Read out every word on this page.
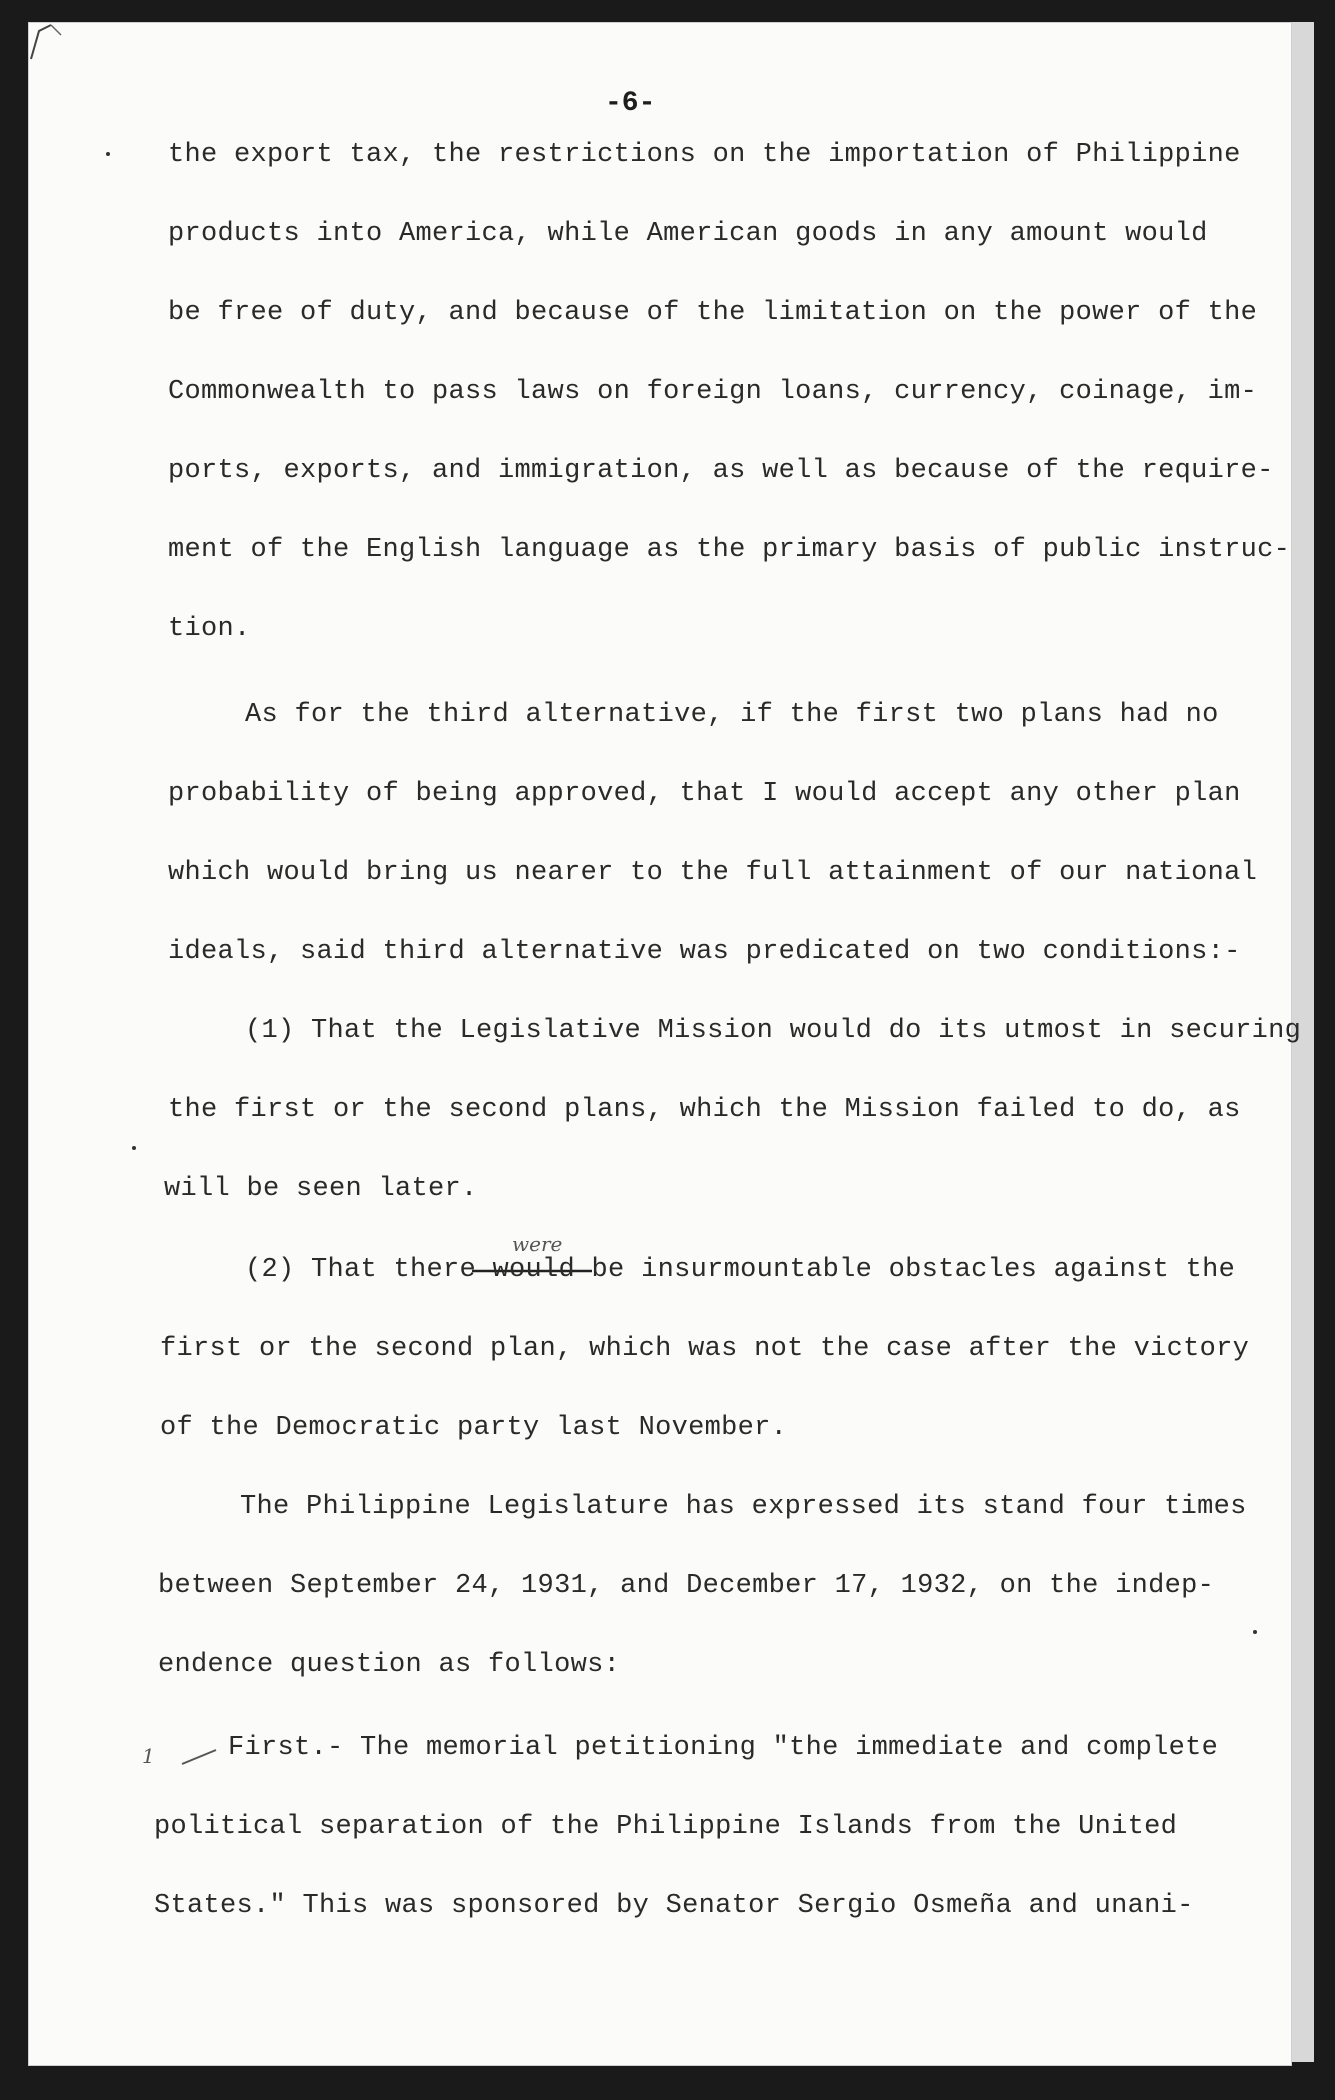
-6-
the export tax, the restrictions on the importation of Philippine
products into America, while American goods in any amount would
be free of duty, and because of the limitation on the power of the
Commonwealth to pass laws on foreign loans, currency, coinage, im-
ports, exports, and immigration, as well as because of the require-
ment of the English language as the primary basis of public instruc-
tion.
As for the third alternative, if the first two plans had no
probability of being approved, that I would accept any other plan
which would bring us nearer to the full attainment of our national
ideals, said third alternative was predicated on two conditions:-
(1) That the Legislative Mission would do its utmost in securing
the first or the second plans, which the Mission failed to do, as
will be seen later.
were
(2) That there would be insurmountable obstacles against the
first or the second plan, which was not the case after the victory
of the Democratic party last November.
The Philippine Legislature has expressed its stand four times
between September 24, 1931, and December 17, 1932, on the indep-
endence question as follows:
1	First.- The memorial petitioning "the immediate and complete
political separation of the Philippine Islands from the United
States." This was sponsored by Senator Sergio Osmeña and unani-
